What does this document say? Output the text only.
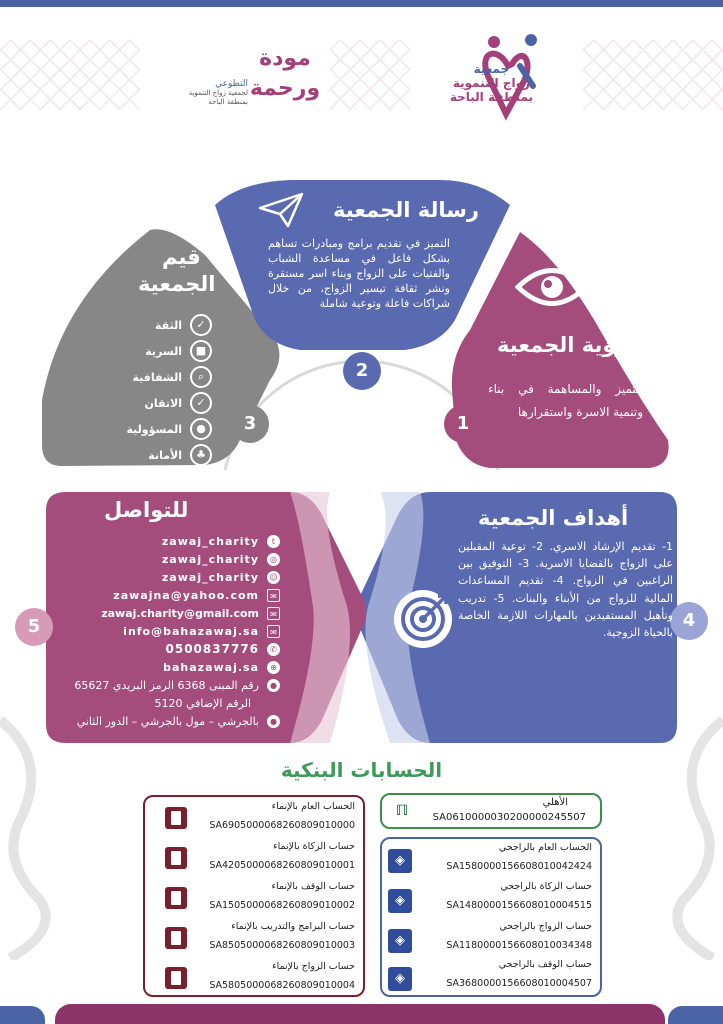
جمعية
زواج التنموية
بمنطقة الباحة
مودة ورحمة
التطوعي
لجمعية زواج التنموية بمنطقة الباحة
2
1
3
4
5
رسالة الجمعية
التميز في تقديم برامج ومبادرات تساهم بشكل فاعل في مساعدة الشباب والفتيات على الزواج وبناء اسر مستقرة ونشر ثقافة تيسير الزواج، من خلال شراكات فاعلة وتوعية شاملة
رؤية الجمعية
التميز والمساهمة في بناء وتنمية الاسرة واستقرارها
قيم
الجمعية
الثقة	✓
السرية	■
الشفافية	⌕
الاتقان	✓
المسؤولية	●
الأمانة	♣
للتواصل
zawaj_charity	t
zawaj_charity	◎
zawaj_charity ☺
zawajna@yahoo.com	✉
zawaj.charity@gmail.com	✉
info@bahazawaj.sa	✉
0500837776	✆
bahazawaj.sa	⊕
رقم المبنى 6368 الرمز البريدي 65627	●
الرقم الإضافي 5120
بالجرشي – مول بالجرشي – الدور الثاني	●
أهداف الجمعية
1- تقديم الإرشاد الاسري. 2- توعية المقبلين على الزواج بالقضايا الاسرية. 3- التوفيق بين الراغبين في الزواج. 4- تقديم المساعدات المالية للزواج من الأبناء والبنات. 5- تدريب وتأهيل المستفيدين بالمهارات اللازمة الخاصة بالحياة الزوجية.
الحسابات البنكية
ℿ
الأهلي
SA0610000030200000245507
◈
الحساب العام بالراجحي
SA1580000156608010042424
◈
حساب الزكاة بالراجحي
SA1480000156608010004515
◈
حساب الزواج بالراجحي
SA1180000156608010034348
◈
حساب الوقف بالراجحي
SA3680000156608010004507
الحساب العام بالإنماء
SA6905000068260809010000
حساب الزكاة بالإنماء
SA4205000068260809010001
حساب الوقف بالإنماء
SA1505000068260809010002
حساب البرامج والتدريب بالإنماء
SA8505000068260809010003
حساب الزواج بالإنماء
SA5805000068260809010004
